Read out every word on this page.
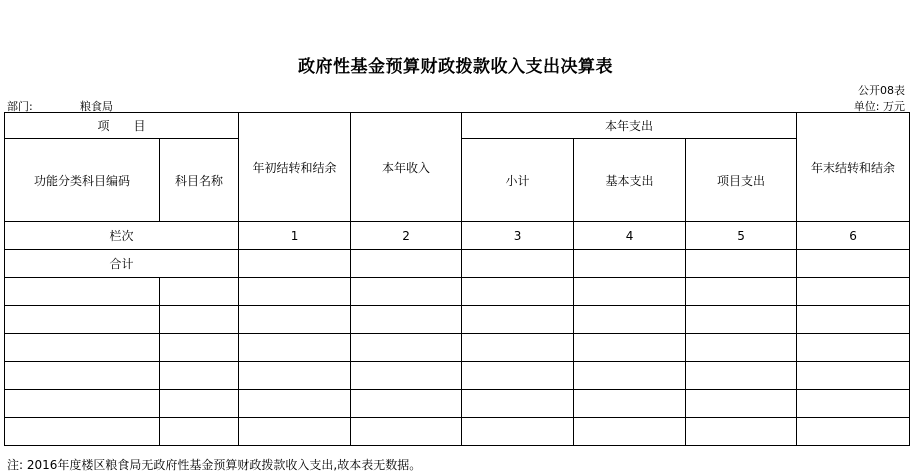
政府性基金预算财政拨款收入支出决算表
公开08表
部门:	粮食局	单位: 万元
项　　目		年初结转和结余	本年收入	本年支出			年末结转和结余
功能分类科目编码	科目名称			小计	基本支出	项目支出	
栏次		1	2	3	4	5	6
合计							

注: 2016年度楼区粮食局无政府性基金预算财政拨款收入支出,故本表无数据。
